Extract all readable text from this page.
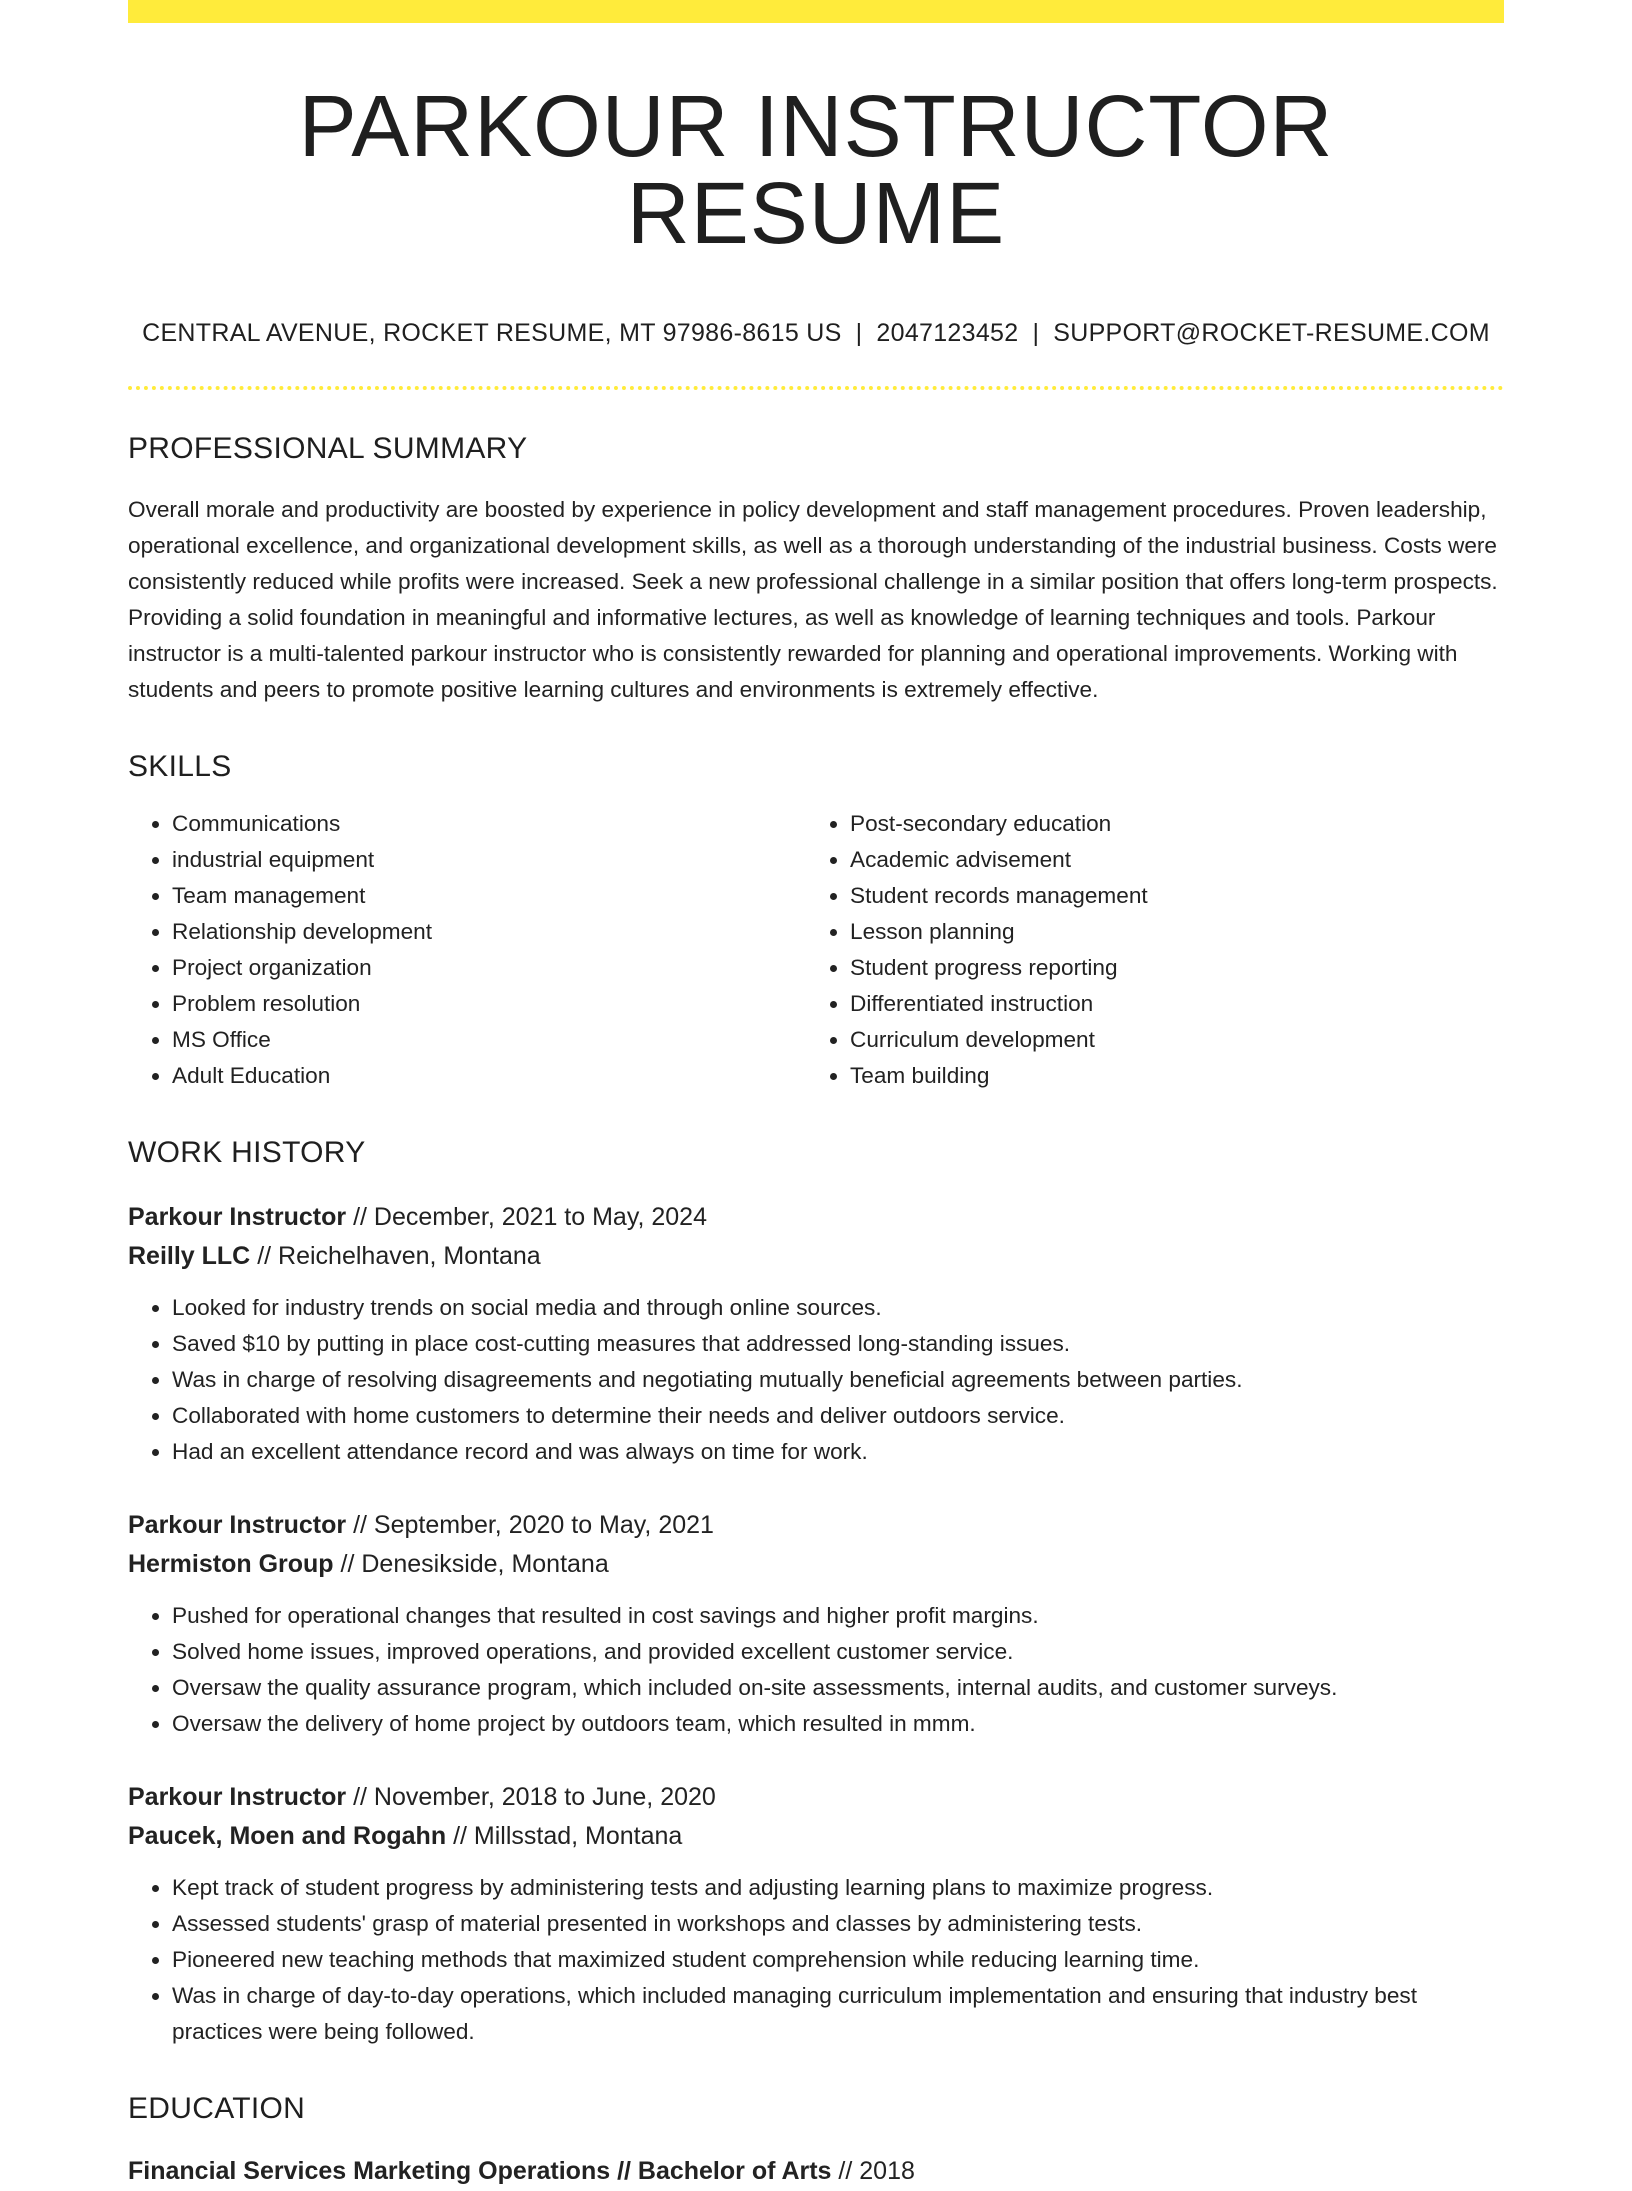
PARKOUR INSTRUCTOR RESUME
CENTRAL AVENUE, ROCKET RESUME, MT 97986-8615 US | 2047123452 | SUPPORT@ROCKET-RESUME.COM
PROFESSIONAL SUMMARY
Overall morale and productivity are boosted by experience in policy development and staff management procedures. Proven leadership, operational excellence, and organizational development skills, as well as a thorough understanding of the industrial business. Costs were consistently reduced while profits were increased. Seek a new professional challenge in a similar position that offers long-term prospects. Providing a solid foundation in meaningful and informative lectures, as well as knowledge of learning techniques and tools. Parkour instructor is a multi-talented parkour instructor who is consistently rewarded for planning and operational improvements. Working with students and peers to promote positive learning cultures and environments is extremely effective.
SKILLS
• Communications
• industrial equipment
• Team management
• Relationship development
• Project organization
• Problem resolution
• MS Office
• Adult Education
• Post-secondary education
• Academic advisement
• Student records management
• Lesson planning
• Student progress reporting
• Differentiated instruction
• Curriculum development
• Team building
WORK HISTORY
Parkour Instructor // December, 2021 to May, 2024
Reilly LLC // Reichelhaven, Montana
• Looked for industry trends on social media and through online sources.
• Saved $10 by putting in place cost-cutting measures that addressed long-standing issues.
• Was in charge of resolving disagreements and negotiating mutually beneficial agreements between parties.
• Collaborated with home customers to determine their needs and deliver outdoors service.
• Had an excellent attendance record and was always on time for work.
Parkour Instructor // September, 2020 to May, 2021
Hermiston Group // Denesikside, Montana
• Pushed for operational changes that resulted in cost savings and higher profit margins.
• Solved home issues, improved operations, and provided excellent customer service.
• Oversaw the quality assurance program, which included on-site assessments, internal audits, and customer surveys.
• Oversaw the delivery of home project by outdoors team, which resulted in mmm.
Parkour Instructor // November, 2018 to June, 2020
Paucek, Moen and Rogahn // Millsstad, Montana
• Kept track of student progress by administering tests and adjusting learning plans to maximize progress.
• Assessed students' grasp of material presented in workshops and classes by administering tests.
• Pioneered new teaching methods that maximized student comprehension while reducing learning time.
• Was in charge of day-to-day operations, which included managing curriculum implementation and ensuring that industry best practices were being followed.
EDUCATION
Financial Services Marketing Operations // Bachelor of Arts // 2018
